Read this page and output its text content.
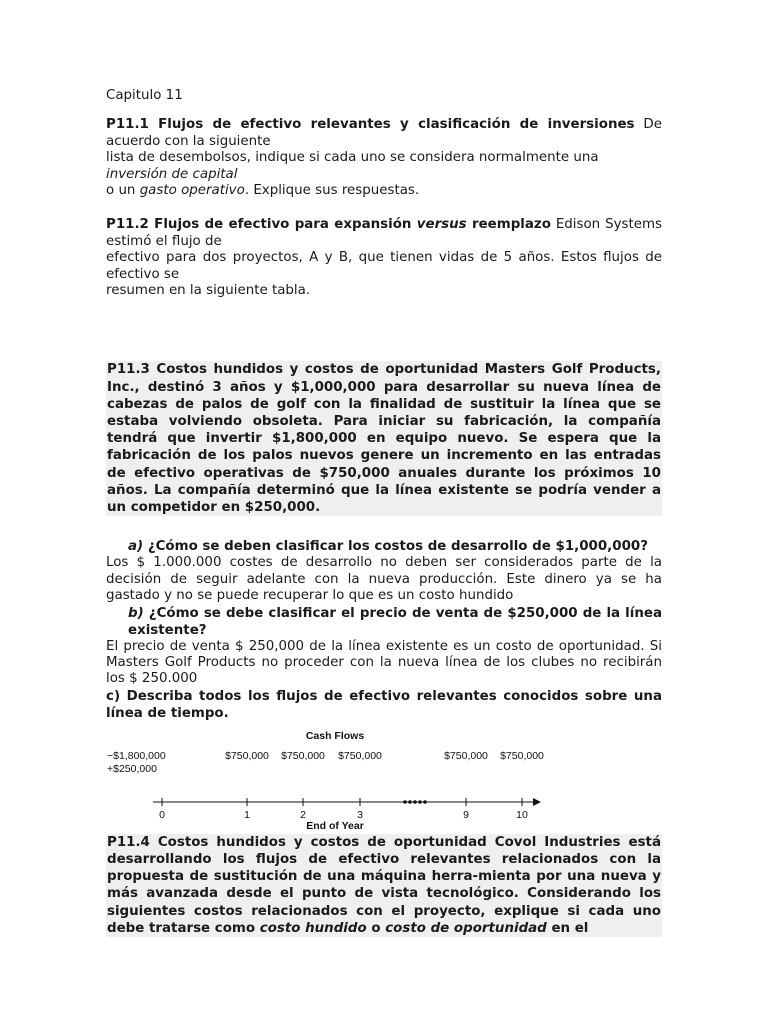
Capitulo 11

P11.1 Flujos de efectivo relevantes y clasificación de inversiones De acuerdo con la siguiente
lista de desembolsos, indique si cada uno se considera normalmente una
inversión de capital
o un gasto operativo. Explique sus respuestas.

P11.2 Flujos de efectivo para expansión versus reemplazo Edison Systems estimó el flujo de
efectivo para dos proyectos, A y B, que tienen vidas de 5 años. Estos flujos de efectivo se
resumen en la siguiente tabla.

P11.3 Costos hundidos y costos de oportunidad Masters Golf Products, Inc., destinó 3 años y $1,000,000 para desarrollar su nueva línea de cabezas de palos de golf con la finalidad de sustituir la línea que se estaba volviendo obsoleta. Para iniciar su fabricación, la compañía tendrá que invertir $1,800,000 en equipo nuevo. Se espera que la fabricación de los palos nuevos genere un incremento en las entradas de efectivo operativas de $750,000 anuales durante los próximos 10 años. La compañía determinó que la línea existente se podría vender a un competidor en $250,000.

a) ¿Cómo se deben clasificar los costos de desarrollo de $1,000,000?

Los $ 1.000.000 costes de desarrollo no deben ser considerados parte de la decisión de seguir adelante con la nueva producción. Este dinero ya se ha gastado y no se puede recuperar lo que es un costo hundido

b) ¿Cómo se debe clasificar el precio de venta de $250,000 de la línea existente?

El precio de venta $ 250,000 de la línea existente es un costo de oportunidad. Si Masters Golf Products no proceder con la nueva línea de los clubes no recibirán los $ 250.000

c) Describa todos los flujos de efectivo relevantes conocidos sobre una línea de tiempo.

Cash Flows
0	1	2	3	9	10
−$1,800,000
+$250,000
$750,000 $750,000 $750,000	$750,000 $750,000
End of Year

P11.4 Costos hundidos y costos de oportunidad Covol Industries está desarrollando los flujos de efectivo relevantes relacionados con la propuesta de sustitución de una máquina herra-mienta por una nueva y más avanzada desde el punto de vista tecnológico. Considerando los siguientes costos relacionados con el proyecto, explique si cada uno debe tratarse como costo hundido o costo de oportunidad en el
